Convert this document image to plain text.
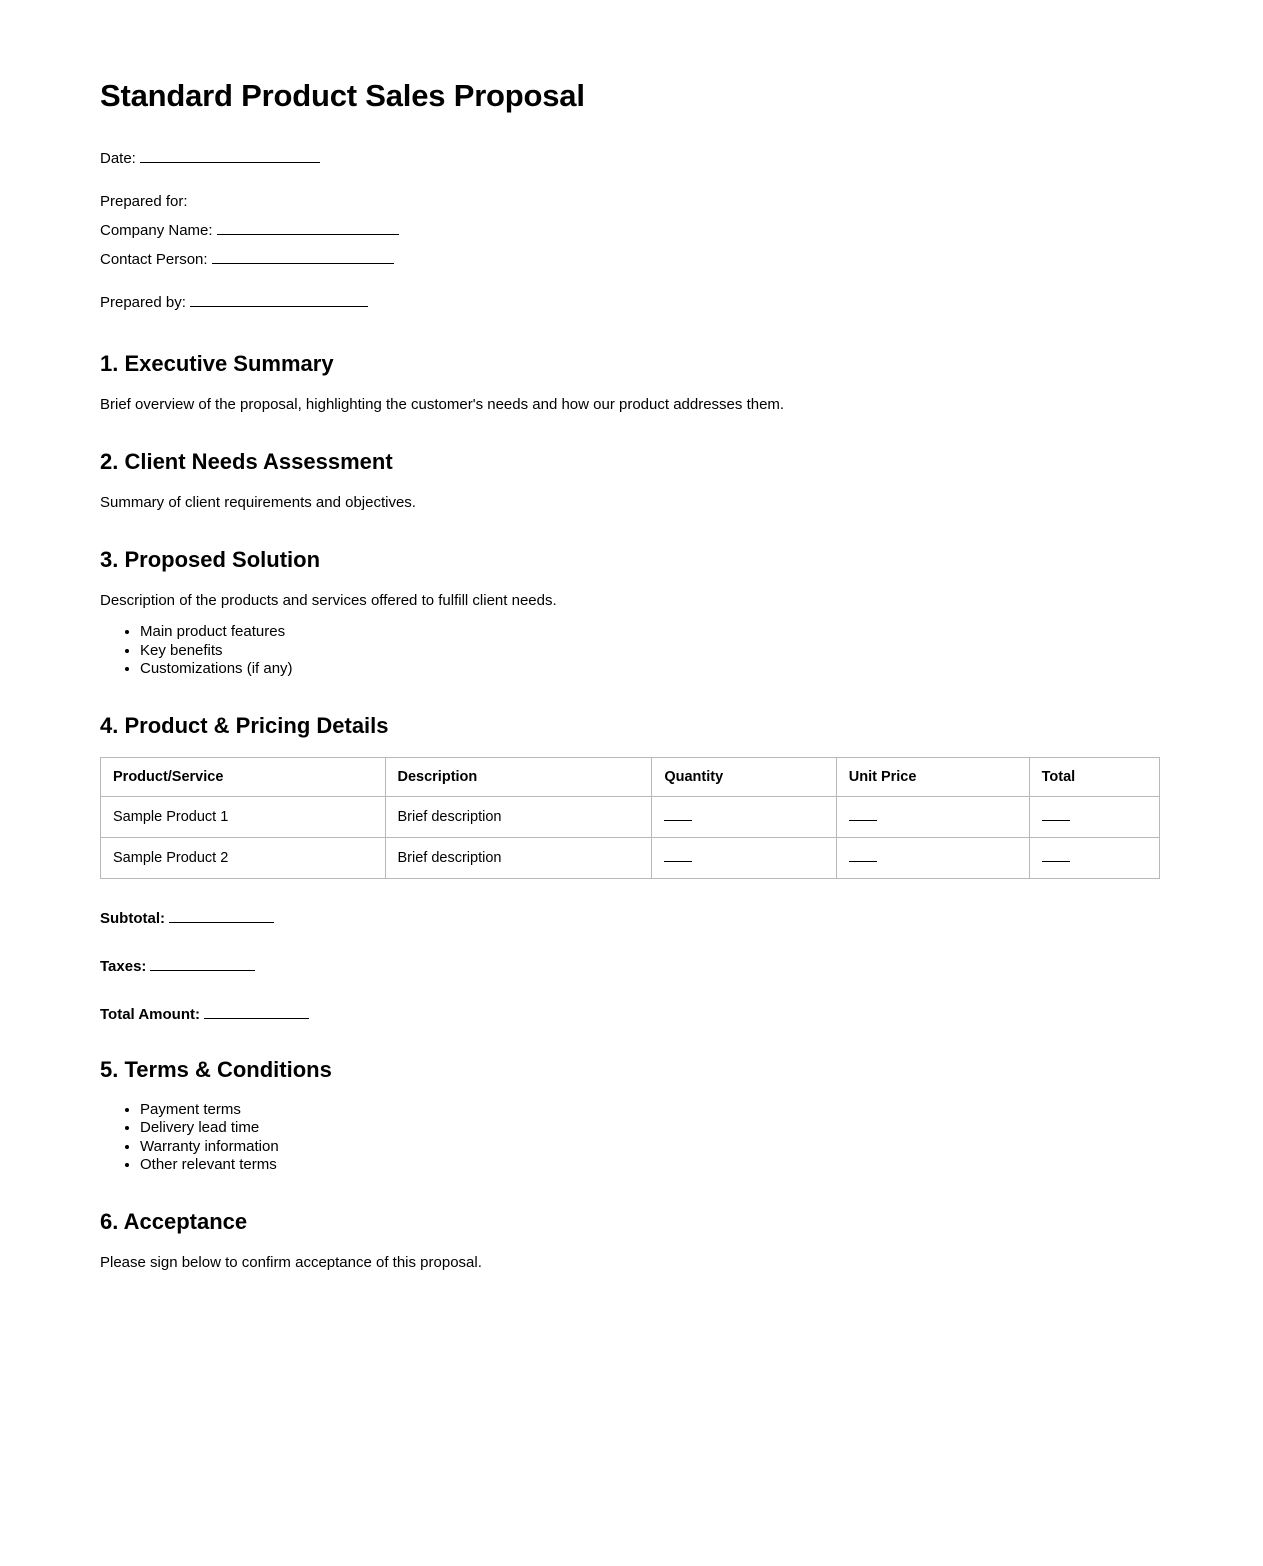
Standard Product Sales Proposal

Date:

Prepared for:

Company Name:

Contact Person:

Prepared by:

1. Executive Summary

Brief overview of the proposal, highlighting the customer's needs and how our product addresses them.

2. Client Needs Assessment

Summary of client requirements and objectives.

3. Proposed Solution

Description of the products and services offered to fulfill client needs.

• Main product features
• Key benefits
• Customizations (if any)
4. Product & Pricing Details
Product/Service	Description	Quantity	Unit Price	Total
Sample Product 1	Brief description			
Sample Product 2	Brief description			

Subtotal:

Taxes:

Total Amount:

5. Terms & Conditions
• Payment terms
• Delivery lead time
• Warranty information
• Other relevant terms
6. Acceptance

Please sign below to confirm acceptance of this proposal.
